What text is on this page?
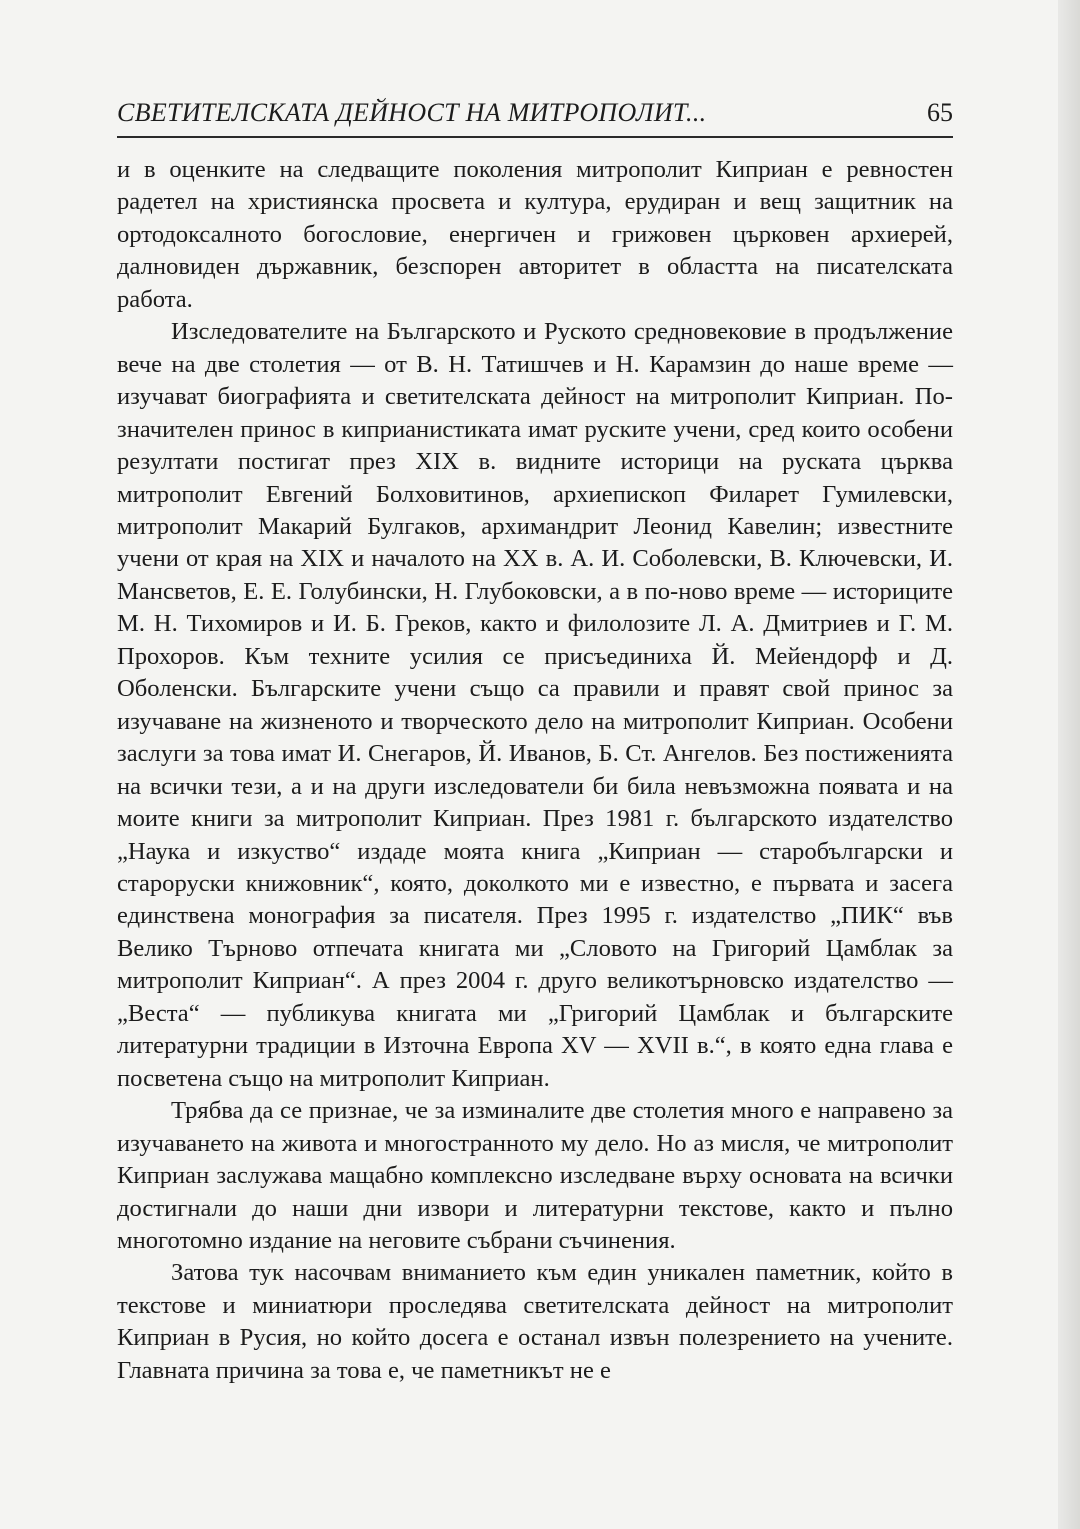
СВЕТИТЕЛСКАТА ДЕЙНОСТ НА МИТРОПОЛИТ...	65

и в оценките на следващите поколения митрополит Киприан е ревностен радетел на християнска просвета и култура, ерудиран и вещ защитник на ортодоксалното богословие, енергичен и грижовен църковен архиерей, далновиден държавник, безспорен авторитет в областта на писателската работа.

Изследователите на Българското и Руското средновековие в продължение вече на две столетия — от В. Н. Татишчев и Н. Карамзин до наше време — изучават биографията и светителската дейност на митрополит Киприан. По-значителен принос в киприанистиката имат руските учени, сред които особени резултати постигат през XIX в. видните историци на руската църква митрополит Евгений Болховитинов, архиепископ Филарет Гумилевски, митрополит Макарий Булгаков, архимандрит Леонид Кавелин; известните учени от края на XIX и началото на XX в. А. И. Соболевски, В. Ключевски, И. Мансветов, Е. Е. Голубински, Н. Глубоковски, а в по-ново време — историците М. Н. Тихомиров и И. Б. Греков, както и филолозите Л. А. Дмитриев и Г. М. Прохоров. Към техните усилия се присъединиха Й. Мейендорф и Д. Оболенски. Българските учени също са правили и правят свой принос за изучаване на жизненото и творческото дело на митрополит Киприан. Особени заслуги за това имат И. Снегаров, Й. Иванов, Б. Ст. Ангелов. Без постиженията на всички тези, а и на други изследователи би била невъзможна появата и на моите книги за митрополит Киприан. През 1981 г. българското издателство „Наука и изкуство“ издаде моята книга „Киприан — старобългарски и староруски книжовник“, която, доколкото ми е известно, е първата и засега единствена монография за писателя. През 1995 г. издателство „ПИК“ във Велико Търново отпечата книгата ми „Словото на Григорий Цамблак за митрополит Киприан“. А през 2004 г. друго великотърновско издателство — „Веста“ — публикува книгата ми „Григорий Цамблак и българските литературни традиции в Източна Европа XV — XVII в.“, в която една глава е посветена също на митрополит Киприан.

Трябва да се признае, че за изминалите две столетия много е направено за изучаването на живота и многостранното му дело. Но аз мисля, че митрополит Киприан заслужава мащабно комплексно изследване върху основата на всички достигнали до наши дни извори и литературни текстове, както и пълно многотомно издание на неговите събрани съчинения.

Затова тук насочвам вниманието към един уникален паметник, който в текстове и миниатюри проследява светителската дейност на митрополит Киприан в Русия, но който досега е останал извън полезрението на учените. Главната причина за това е, че паметникът не е
